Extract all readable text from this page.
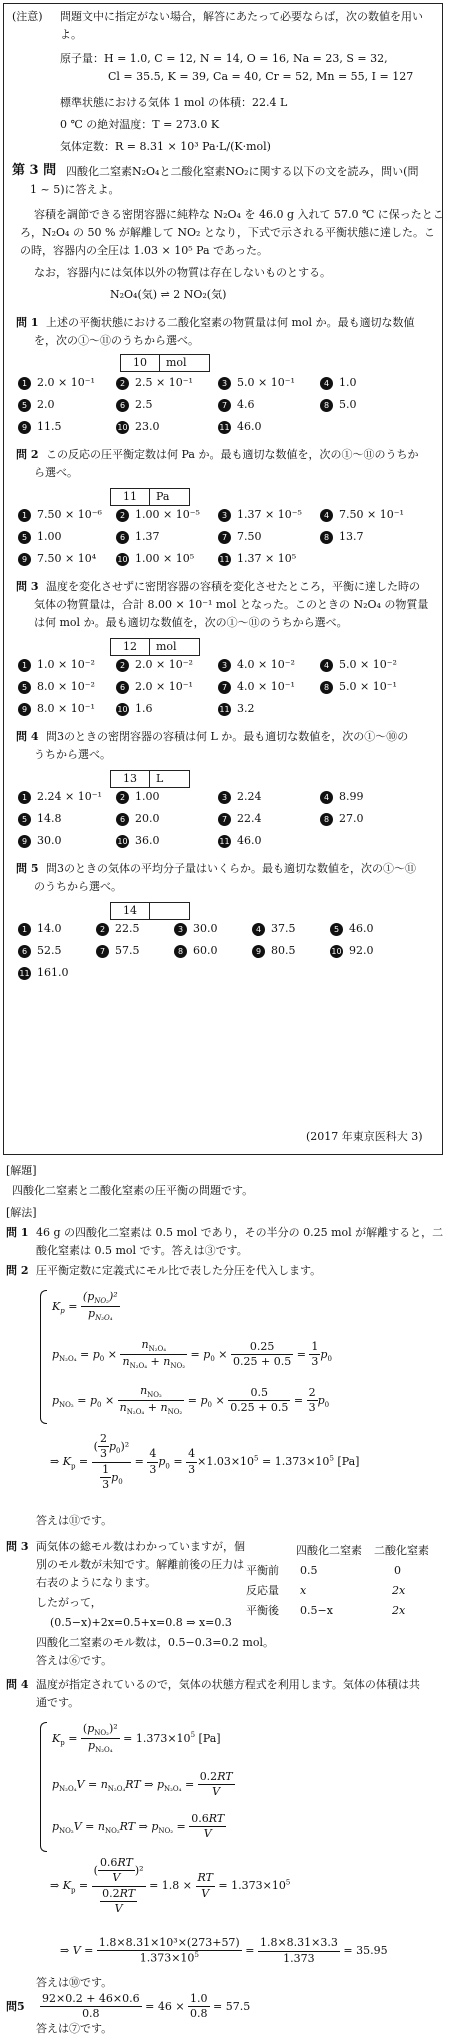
(注意) 問題文中に指定がない場合，解答にあたって必要ならば，次の数値を用い
よ。
原子量：H = 1.0, C = 12, N = 14, O = 16, Na = 23, S = 32,
Cl = 35.5, K = 39, Ca = 40, Cr = 52, Mn = 55, I = 127
標準状態における気体 1 mol の体積：22.4 L
0 ℃ の絶対温度：T = 273.0 K
気体定数：R = 8.31 × 10³ Pa·L/(K·mol)
第 3 問 四酸化二窒素N₂O₄と二酸化窒素NO₂に関する以下の文を読み，問い(問
1 ~ 5)に答えよ。
容積を調節できる密閉容器に純粋な N₂O₄ を 46.0 g 入れて 57.0 ℃ に保ったとこ
ろ，N₂O₄ の 50 % が解離して NO₂ となり，下式で示される平衡状態に達した。こ
の時，容器内の全圧は 1.03 × 10⁵ Pa であった。
なお，容器内には気体以外の物質は存在しないものとする。
N₂O₄(気) ⇌ 2 NO₂(気)
問 1 上述の平衡状態における二酸化窒素の物質量は何 mol か。最も適切な数値
を，次の①～⑪のうちから選べ。
10 mol
1 2.0 × 10⁻¹	2 2.5 × 10⁻¹	3 5.0 × 10⁻¹	4 1.0
5 2.0	6 2.5	7 4.6	8 5.0
9 11.5	10 23.0	11 46.0
問 2 この反応の圧平衡定数は何 Pa か。最も適切な数値を，次の①～⑪のうちか
ら選べ。
11 Pa
1 7.50 × 10⁻⁶	2 1.00 × 10⁻⁵	3 1.37 × 10⁻⁵	4 7.50 × 10⁻¹
5 1.00	6 1.37	7 7.50	8 13.7
9 7.50 × 10⁴	10 1.00 × 10⁵	11 1.37 × 10⁵
問 3 温度を変化させずに密閉容器の容積を変化させたところ，平衡に達した時の
気体の物質量は，合計 8.00 × 10⁻¹ mol となった。このときの N₂O₄ の物質量
は何 mol か。最も適切な数値を，次の①～⑪のうちから選べ。
12 mol
1 1.0 × 10⁻²	2 2.0 × 10⁻²	3 4.0 × 10⁻²	4 5.0 × 10⁻²
5 8.0 × 10⁻²	6 2.0 × 10⁻¹	7 4.0 × 10⁻¹	8 5.0 × 10⁻¹
9 8.0 × 10⁻¹	10 1.6	11 3.2
問 4 問3のときの密閉容器の容積は何 L か。最も適切な数値を，次の①～⑩の
うちから選べ。
13 L
1 2.24 × 10⁻¹	2 1.00	3 2.24	4 8.99
5 14.8	6 20.0	7 22.4	8 27.0
9 30.0	10 36.0	11 46.0
問 5 問3のときの気体の平均分子量はいくらか。最も適切な数値を，次の①～⑪
のうちから選べ。
14
1 14.0	2 22.5	3 30.0	4 37.5	5 46.0
6 52.5	7 57.5	8 60.0	9 80.5	10 92.0
11 161.0
(2017 年東京医科大 3)
[解題]
四酸化二窒素と二酸化窒素の圧平衡の問題です。
[解法]
問 1 46 g の四酸化二窒素は 0.5 mol であり，その半分の 0.25 mol が解離すると，二
酸化窒素は 0.5 mol です。答えは③です。
問 2 圧平衡定数に定義式にモル比で表した分圧を代入します。
$K_p = \frac{(p_{NO_2})^2}{p_{N_2O_4}}$
$p_{N_2O_4} = p_0 \times \frac{n_{N_2O_4}}{n_{N_2O_4} + n_{NO_2}} = p_0 \times \frac{0.25}{0.25 + 0.5} = \frac{1}{3} p_0$
$p_{NO_2} = p_0 \times \frac{n_{NO_2}}{n_{N_2O_4} + n_{NO_2}} = p_0 \times \frac{0.5}{0.25 + 0.5} = \frac{2}{3} p_0$
⇒ $K_p = \frac{( \frac{2}{3} p_0)^2}{\frac{1}{3} p_0} = \frac{4}{3} p_0 = \frac{4}{3} \times 1.03\times 10^5 = 1.373\times 10^5$ [Pa]
答えは⑪です。
問 3 両気体の総モル数はわかっていますが，個
別のモル数が未知です。解離前後の圧力は
右表のようになります。
したがって，
(0.5−x)+2x=0.5+x=0.8 ⇒ x=0.3
四酸化二窒素のモル数は，0.5−0.3=0.2 mol。
答えは⑥です。
四酸化二窒素 二酸化窒素
平衡前 0.5	0
反応量 x	2x
平衡後 0.5−x	2x
問 4 温度が指定されているので，気体の状態方程式を利用します。気体の体積は共
通です。
$K_p = \frac{(p_{NO_2})^2}{p_{N_2O_4}} = 1.373\times 10^5$ [Pa]
$p_{N_2O_4}V = n_{N_2O_4}RT$ ⇒ $p_{N_2O_4} = \frac{0.2RT}{V}$
$p_{NO_2}V = n_{NO_2}RT$ ⇒ $p_{NO_2} = \frac{0.6RT}{V}$
⇒ $K_p = \frac{( \frac{0.6RT}{V} )^2}{\frac{0.2RT}{V}} = 1.8 \times \frac{RT}{V} = 1.373\times 10^5$
⇒ $V = \frac{\text{1.8×8.31×10³×(273+57)}}{1.373\times 10^5} = \frac{1.8\times 8.31\times 3.3}{1.373} = 35.95$
答えは⑩です。
問$5 \frac{92\times 0.2 + 46\times 0.6}{0.8} = 46 \times \frac{1.0}{0.8} = 57.5$
答えは⑦です。
